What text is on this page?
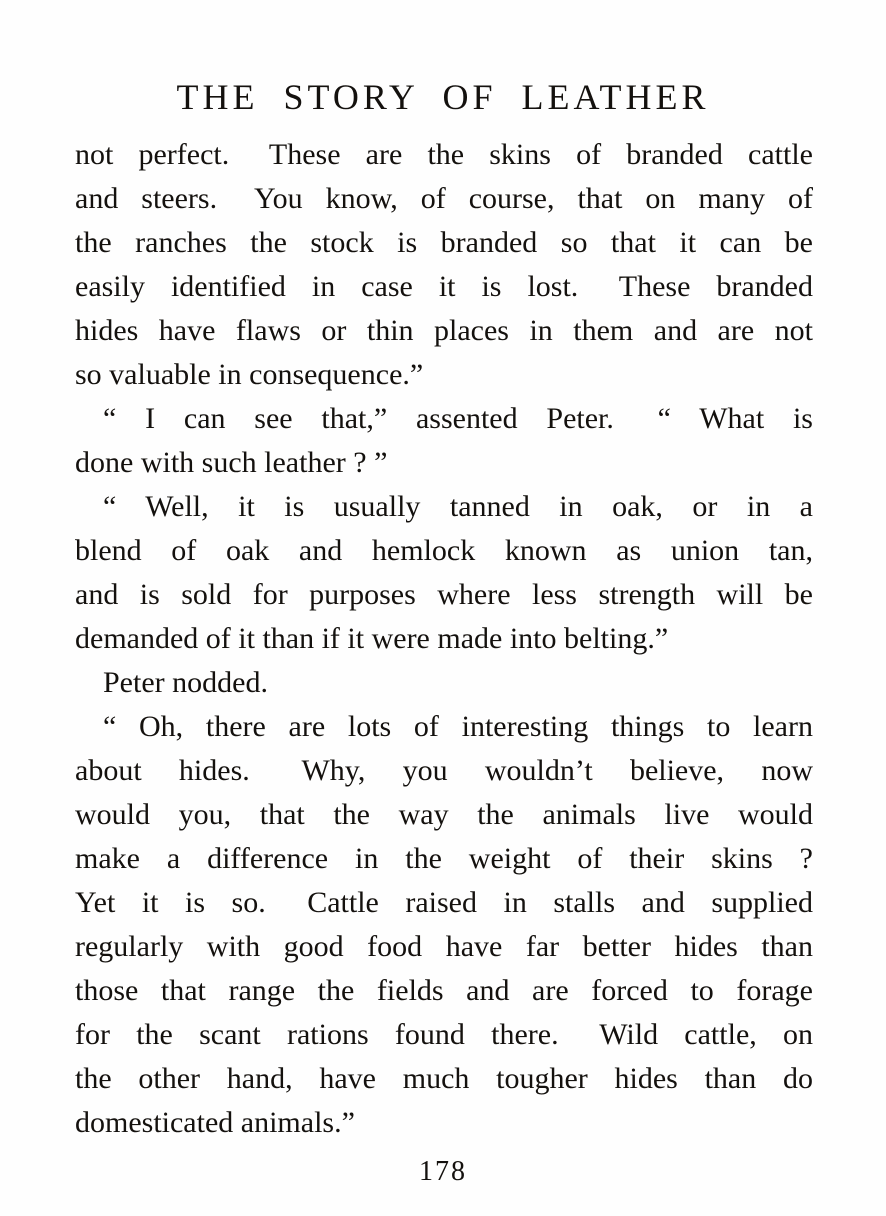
THE STORY OF LEATHER

not perfect.  These are the skins of branded cattle
and steers.  You know, of course, that on many of
the ranches the stock is branded so that it can be
easily identified in case it is lost.  These branded
hides have flaws or thin places in them and are not
so valuable in consequence.”

“ I can see that,” assented Peter.  “ What is
done with such leather ? ”

“ Well, it is usually tanned in oak, or in a
blend of oak and hemlock known as union tan,
and is sold for purposes where less strength will be
demanded of it than if it were made into belting.”

Peter nodded.

“ Oh, there are lots of interesting things to learn
about hides.  Why, you wouldn’t believe, now
would you, that the way the animals live would
make a difference in the weight of their skins ?
Yet it is so.  Cattle raised in stalls and supplied
regularly with good food have far better hides than
those that range the fields and are forced to forage
for the scant rations found there.  Wild cattle, on
the other hand, have much tougher hides than do
domesticated animals.”

178
